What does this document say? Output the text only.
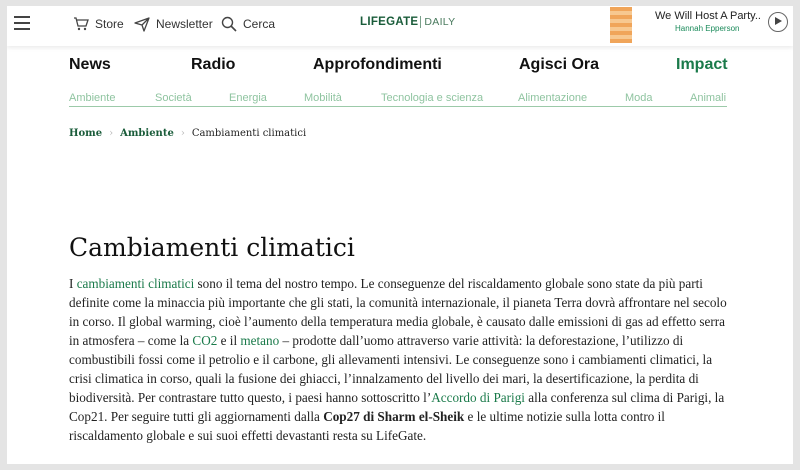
Store	Newsletter	Cerca	LIFEGATE DAILY	We Will Host A Party..
Hannah Epperson
News	Radio	Approfondimenti	Agisci Ora	Impact
Ambiente	Società	Energia	Mobilità	Tecnologia e scienza	Alimentazione	Moda	Animali
Home › Ambiente › Cambiamenti climatici
Cambiamenti climatici

I cambiamenti climatici sono il tema del nostro tempo. Le conseguenze del riscaldamento globale sono state da più parti definite come la minaccia più importante che gli stati, la comunità internazionale, il pianeta Terra dovrà affrontare nel secolo in corso. Il global warming, cioè l’aumento della temperatura media globale, è causato dalle emissioni di gas ad effetto serra in atmosfera – come la CO2 e il metano – prodotte dall’uomo attraverso varie attività: la deforestazione, l’utilizzo di combustibili fossi come il petrolio e il carbone, gli allevamenti intensivi. Le conseguenze sono i cambiamenti climatici, la crisi climatica in corso, quali la fusione dei ghiacci, l’innalzamento del livello dei mari, la desertificazione, la perdita di biodiversità. Per contrastare tutto questo, i paesi hanno sottoscritto l’Accordo di Parigi alla conferenza sul clima di Parigi, la Cop21. Per seguire tutti gli aggiornamenti dalla Cop27 di Sharm el-Sheik e le ultime notizie sulla lotta contro il riscaldamento globale e sui suoi effetti devastanti resta su LifeGate.
